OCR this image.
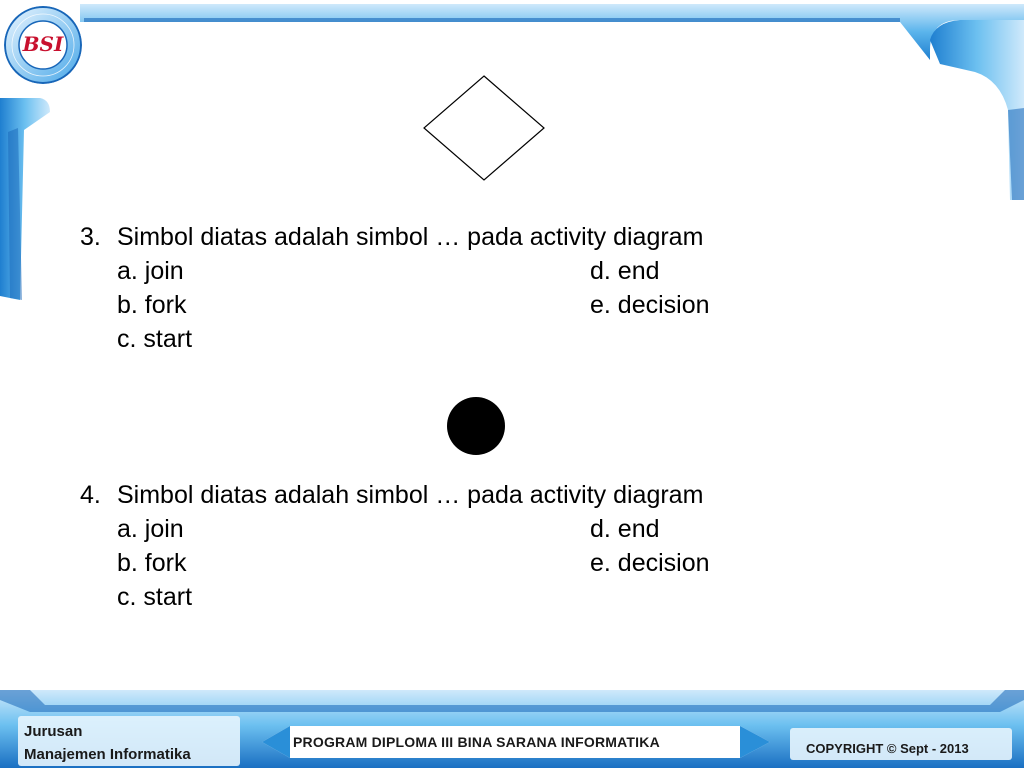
BSI
3. Simbol diatas adalah simbol … pada activity diagram
a. join	d. end
b. fork	e. decision
c. start
4. Simbol diatas adalah simbol … pada activity diagram
a. join	d. end
b. fork	e. decision
c. start
Jurusan
Manajemen Informatika
PROGRAM DIPLOMA III BINA SARANA INFORMATIKA	COPYRIGHT © Sept - 2013
